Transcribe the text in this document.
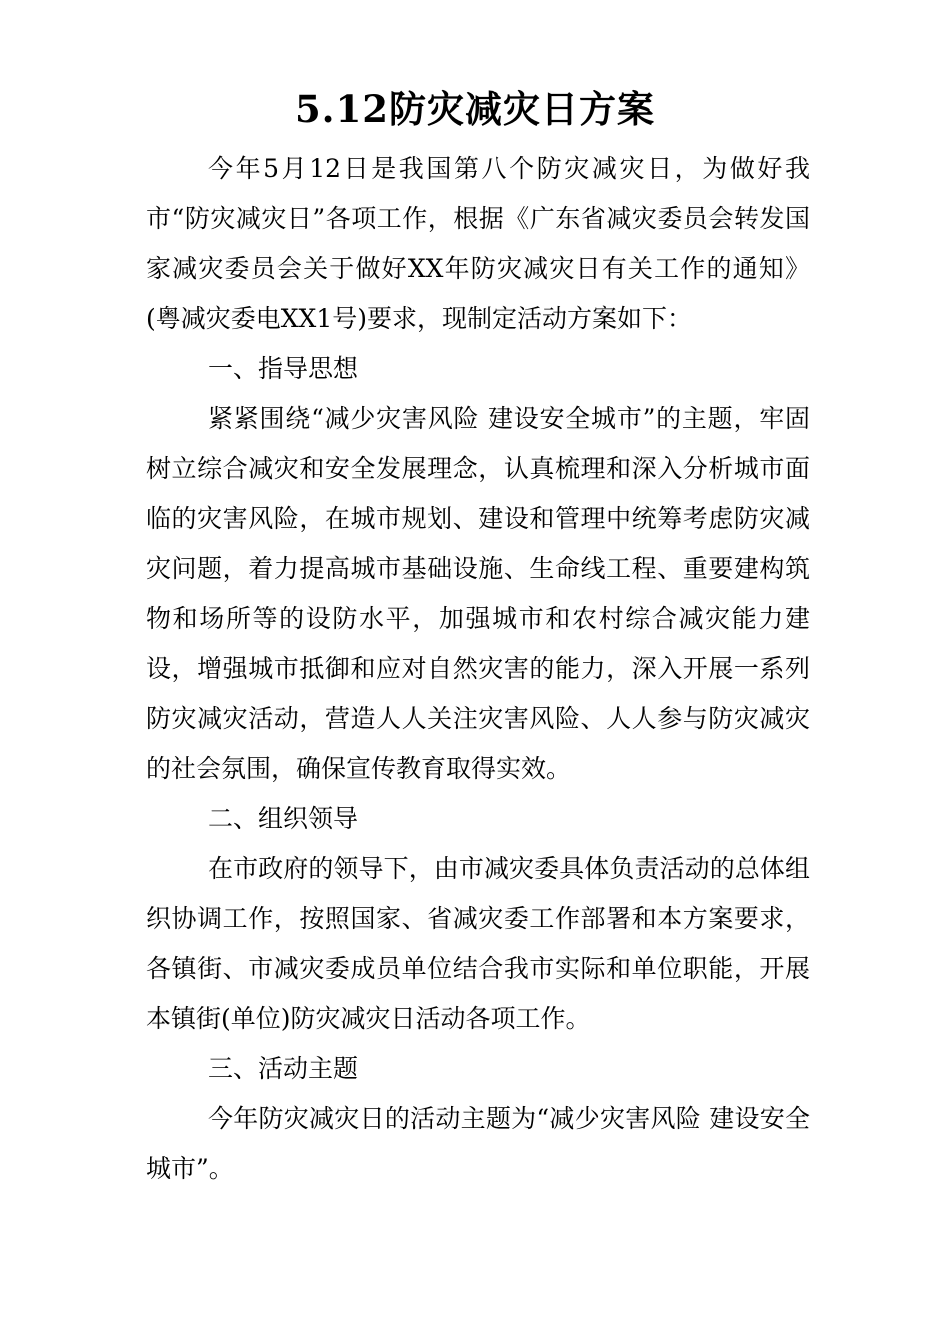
5.12防灾减灾日方案

今年5月12日是我国第八个防灾减灾日，为做好我市“防灾减灾日”各项工作，根据《广东省减灾委员会转发国家减灾委员会关于做好XX年防灾减灾日有关工作的通知》(粤减灾委电XX1号)要求，现制定活动方案如下：

一、指导思想

紧紧围绕“减少灾害风险 建设安全城市”的主题，牢固树立综合减灾和安全发展理念，认真梳理和深入分析城市面临的灾害风险，在城市规划、建设和管理中统筹考虑防灾减灾问题，着力提高城市基础设施、生命线工程、重要建构筑物和场所等的设防水平，加强城市和农村综合减灾能力建设，增强城市抵御和应对自然灾害的能力，深入开展一系列防灾减灾活动，营造人人关注灾害风险、人人参与防灾减灾的社会氛围，确保宣传教育取得实效。

二、组织领导

在市政府的领导下，由市减灾委具体负责活动的总体组织协调工作，按照国家、省减灾委工作部署和本方案要求，各镇街、市减灾委成员单位结合我市实际和单位职能，开展本镇街(单位)防灾减灾日活动各项工作。

三、活动主题

今年防灾减灾日的活动主题为“减少灾害风险 建设安全城市”。
